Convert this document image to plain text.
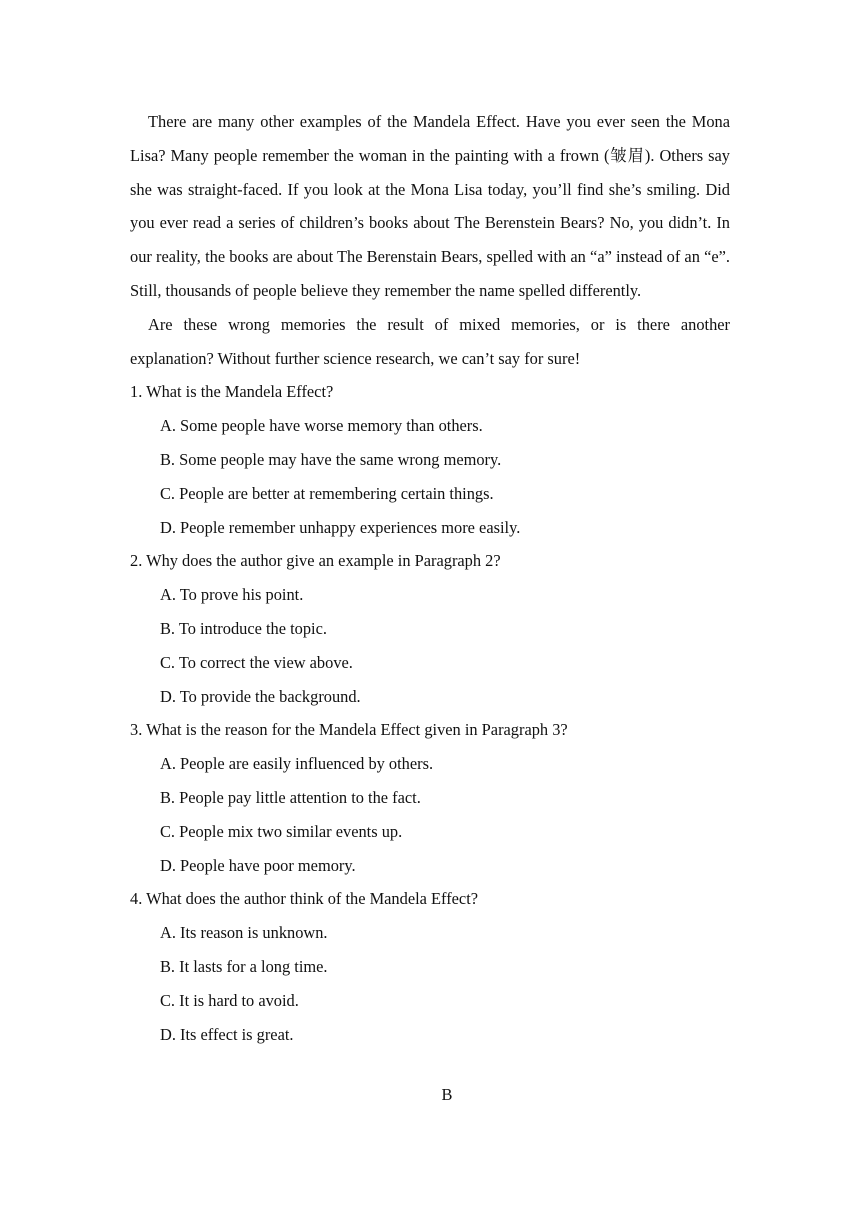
There are many other examples of the Mandela Effect. Have you ever seen the Mona Lisa? Many people remember the woman in the painting with a frown (皱眉). Others say she was straight-faced. If you look at the Mona Lisa today, you’ll find she’s smiling. Did you ever read a series of children’s books about The Berenstein Bears? No, you didn’t. In our reality, the books are about The Berenstain Bears, spelled with an “a” instead of an “e”. Still, thousands of people believe they remember the name spelled differently.

Are these wrong memories the result of mixed memories, or is there another explanation? Without further science research, we can’t say for sure!

1. What is the Mandela Effect?

A. Some people have worse memory than others.

B. Some people may have the same wrong memory.

C. People are better at remembering certain things.

D. People remember unhappy experiences more easily.

2. Why does the author give an example in Paragraph 2?

A. To prove his point.

B. To introduce the topic.

C. To correct the view above.

D. To provide the background.

3. What is the reason for the Mandela Effect given in Paragraph 3?

A. People are easily influenced by others.

B. People pay little attention to the fact.

C. People mix two similar events up.

D. People have poor memory.

4. What does the author think of the Mandela Effect?

A. Its reason is unknown.

B. It lasts for a long time.

C. It is hard to avoid.

D. Its effect is great.

B
